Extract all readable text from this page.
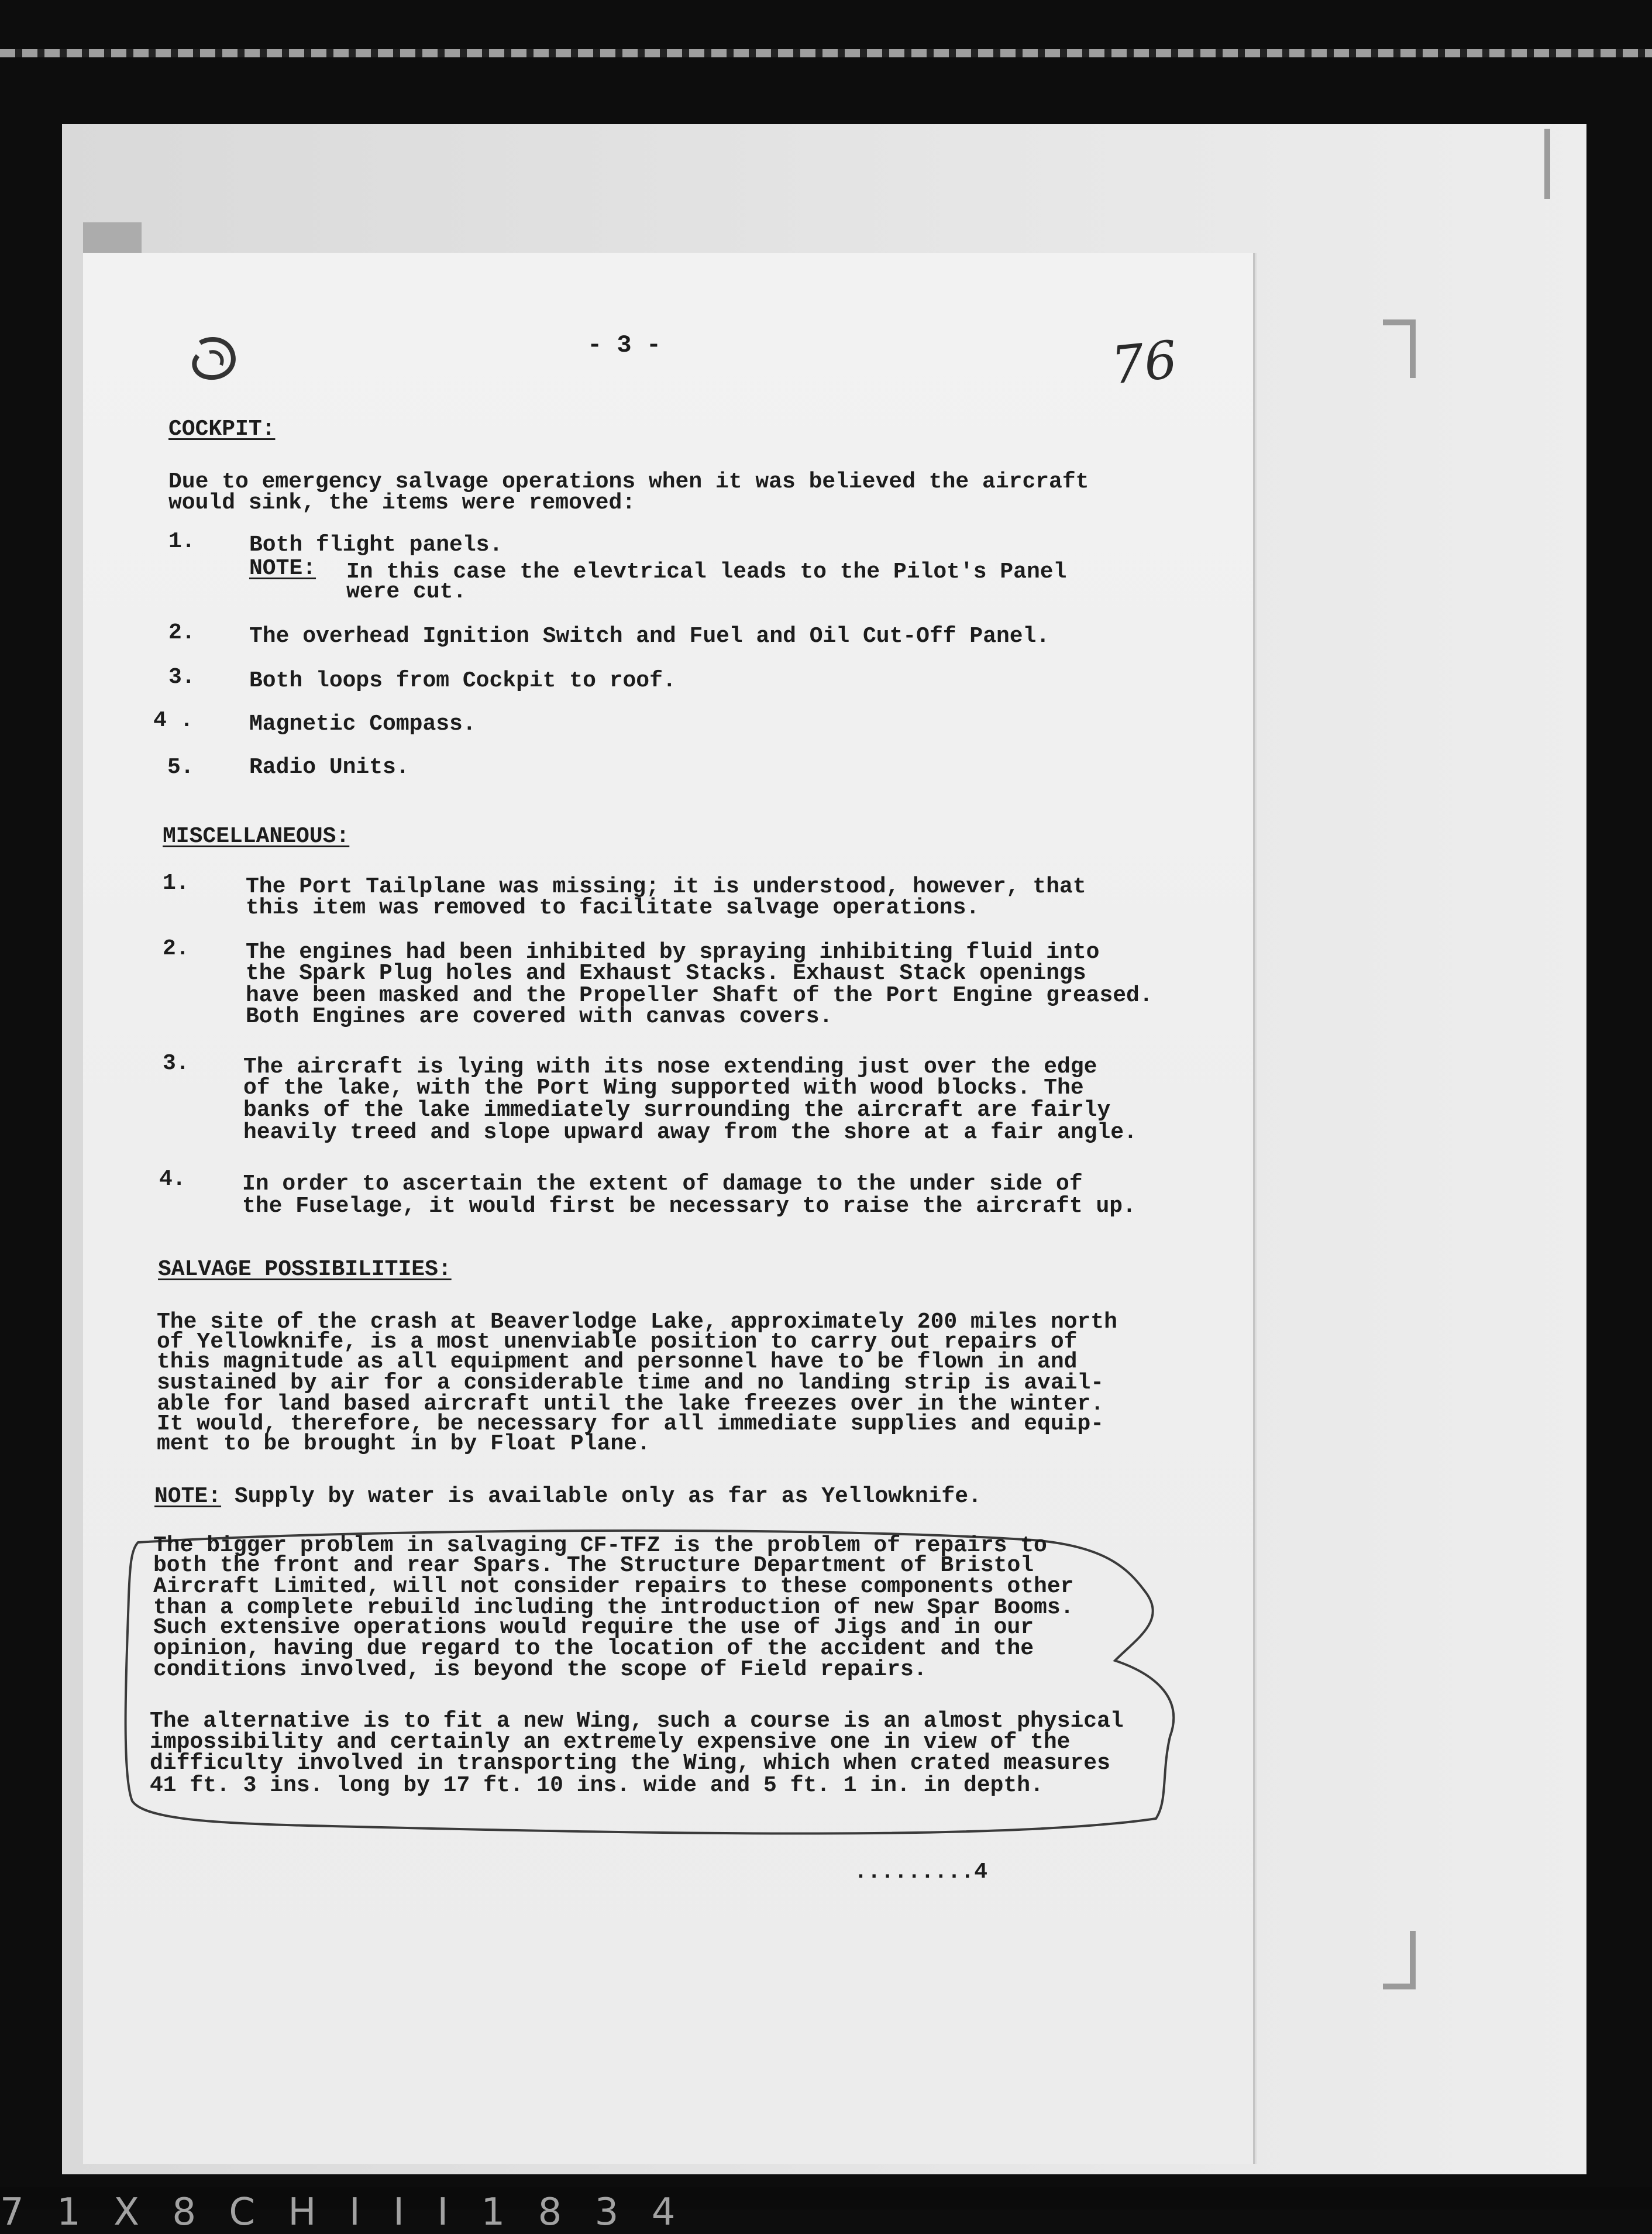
- 3 -	76
COCKPIT:
Due to emergency salvage operations when it was believed the aircraft
would sink, the items were removed:
1. Both flight panels.
NOTE: In this case the elevtrical leads to the Pilot's Panel
were cut.
2. The overhead Ignition Switch and Fuel and Oil Cut-Off Panel.
3. Both loops from Cockpit to roof.
4 .	Magnetic Compass.
5. Radio Units.
MISCELLANEOUS:
1.	The Port Tailplane was missing; it is understood, however, that
this item was removed to facilitate salvage operations.
2.	The engines had been inhibited by spraying inhibiting fluid into
the Spark Plug holes and Exhaust Stacks. Exhaust Stack openings
have been masked and the Propeller Shaft of the Port Engine greased.
Both Engines are covered with canvas covers.
3. The aircraft is lying with its nose extending just over the edge
of the lake, with the Port Wing supported with wood blocks. The
banks of the lake immediately surrounding the aircraft are fairly
heavily treed and slope upward away from the shore at a fair angle.
4.	In order to ascertain the extent of damage to the under side of
the Fuselage, it would first be necessary to raise the aircraft up.
SALVAGE POSSIBILITIES:
The site of the crash at Beaverlodge Lake, approximately 200 miles north
of Yellowknife, is a most unenviable position to carry out repairs of
this magnitude as all equipment and personnel have to be flown in and
sustained by air for a considerable time and no landing strip is avail-
able for land based aircraft until the lake freezes over in the winter.
It would, therefore, be necessary for all immediate supplies and equip-
ment to be brought in by Float Plane.
NOTE: Supply by water is available only as far as Yellowknife.
The bigger problem in salvaging CF-TFZ is the problem of repairs to
both the front and rear Spars. The Structure Department of Bristol
Aircraft Limited, will not consider repairs to these components other
than a complete rebuild including the introduction of new Spar Booms.
Such extensive operations would require the use of Jigs and in our
opinion, having due regard to the location of the accident and the
conditions involved, is beyond the scope of Field repairs.
The alternative is to fit a new Wing, such a course is an almost physical
impossibility and certainly an extremely expensive one in view of the
difficulty involved in transporting the Wing, which when crated measures
41 ft. 3 ins. long by 17 ft. 10 ins. wide and 5 ft. 1 in. in depth.
.........4
7 1 X 8 C H I I I 1 8 3 4
